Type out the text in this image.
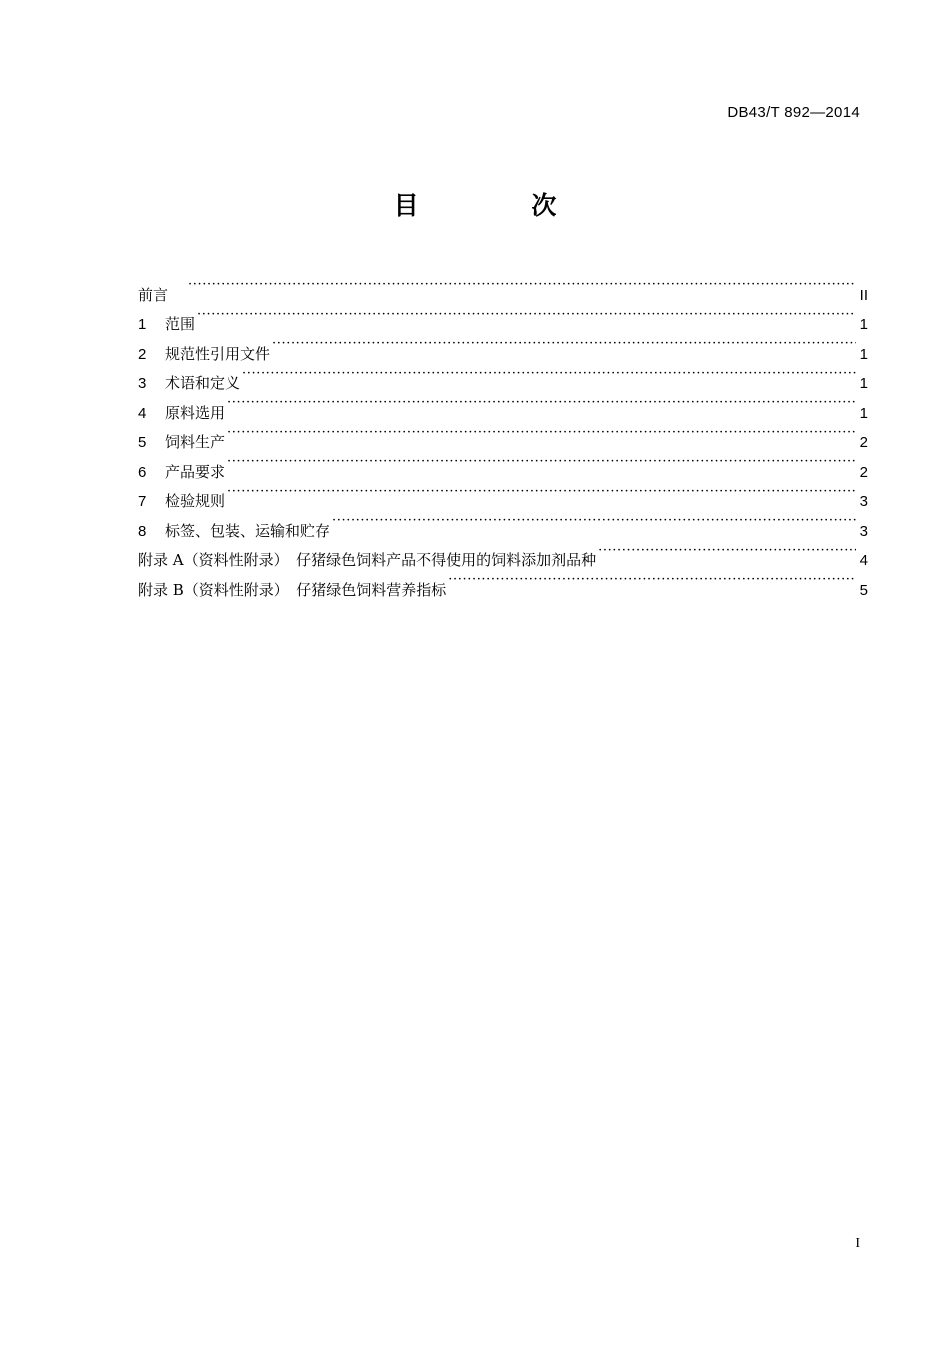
DB43/T 892—2014
目 次
前言 ·····	II
1	范围 ·····	1
2	规范性引用文件 ·····	1
3	术语和定义 ·····	1
4	原料选用 ·····	1
5	饲料生产 ·····	2
6	产品要求 ·····	2
7	检验规则 ·····	3
8	标签、包装、运输和贮存 ·····	3
附录 A（资料性附录）　仔猪绿色饲料产品不得使用的饲料添加剂品种 ·····	4
附录 B（资料性附录）　仔猪绿色饲料营养指标 ·····	5
I
